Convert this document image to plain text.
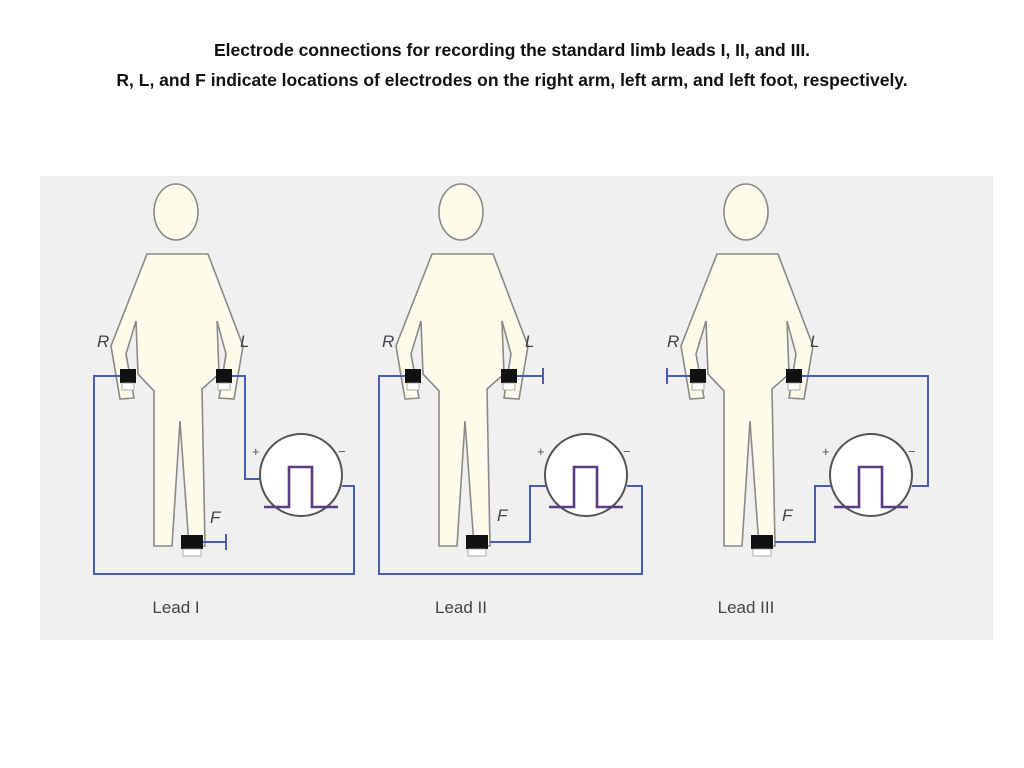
Electrode connections for recording the standard limb leads I, II, and III.
R, L, and F indicate locations of electrodes on the right arm, left arm, and left foot, respectively.
R	L
F
+	−
Lead I
R	L
F
+	−
Lead II
R	L
F
+	−
Lead III
